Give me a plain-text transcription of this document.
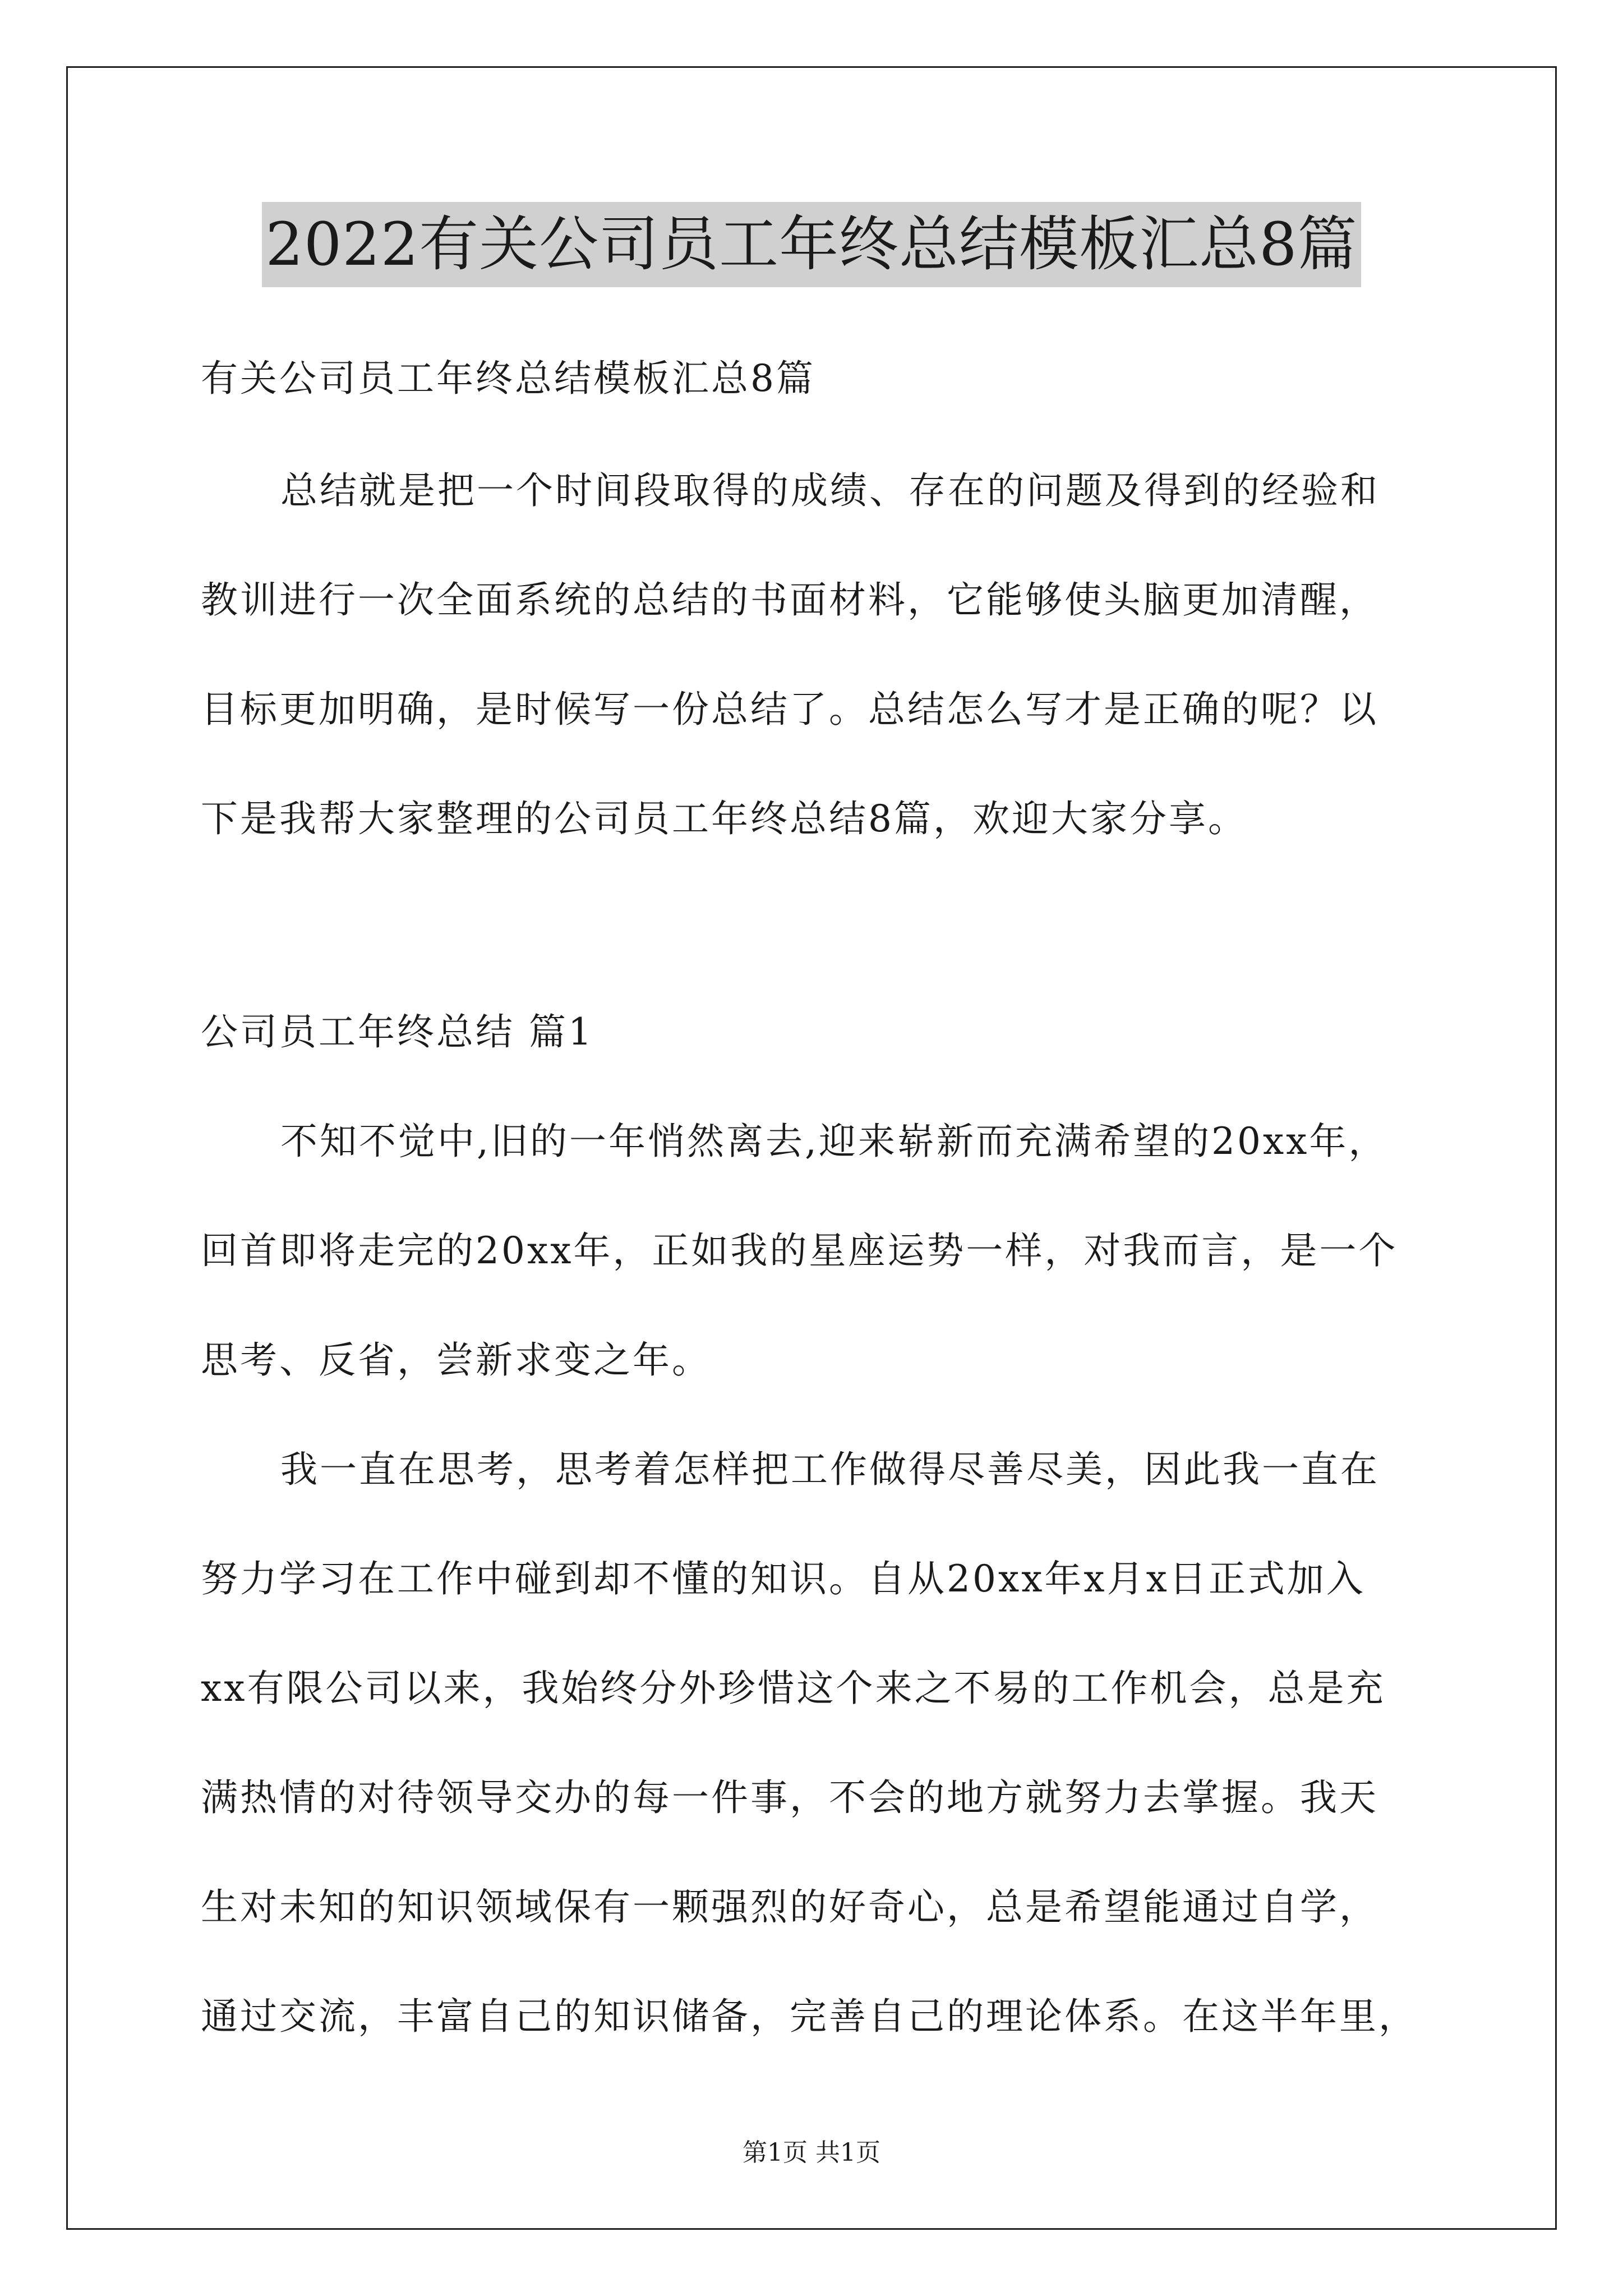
2022有关公司员工年终总结模板汇总8篇
有关公司员工年终总结模板汇总8篇
总结就是把一个时间段取得的成绩、存在的问题及得到的经验和
教训进行一次全面系统的总结的书面材料，它能够使头脑更加清醒，
目标更加明确，是时候写一份总结了。总结怎么写才是正确的呢？以
下是我帮大家整理的公司员工年终总结8篇，欢迎大家分享。
公司员工年终总结 篇1
不知不觉中,旧的一年悄然离去,迎来崭新而充满希望的20xx年，
回首即将走完的20xx年，正如我的星座运势一样，对我而言，是一个
思考、反省，尝新求变之年。
我一直在思考，思考着怎样把工作做得尽善尽美，因此我一直在
努力学习在工作中碰到却不懂的知识。自从20xx年x月x日正式加入
xx有限公司以来，我始终分外珍惜这个来之不易的工作机会，总是充
满热情的对待领导交办的每一件事，不会的地方就努力去掌握。我天
生对未知的知识领域保有一颗强烈的好奇心，总是希望能通过自学，
通过交流，丰富自己的知识储备，完善自己的理论体系。在这半年里，
第1页 共1页
